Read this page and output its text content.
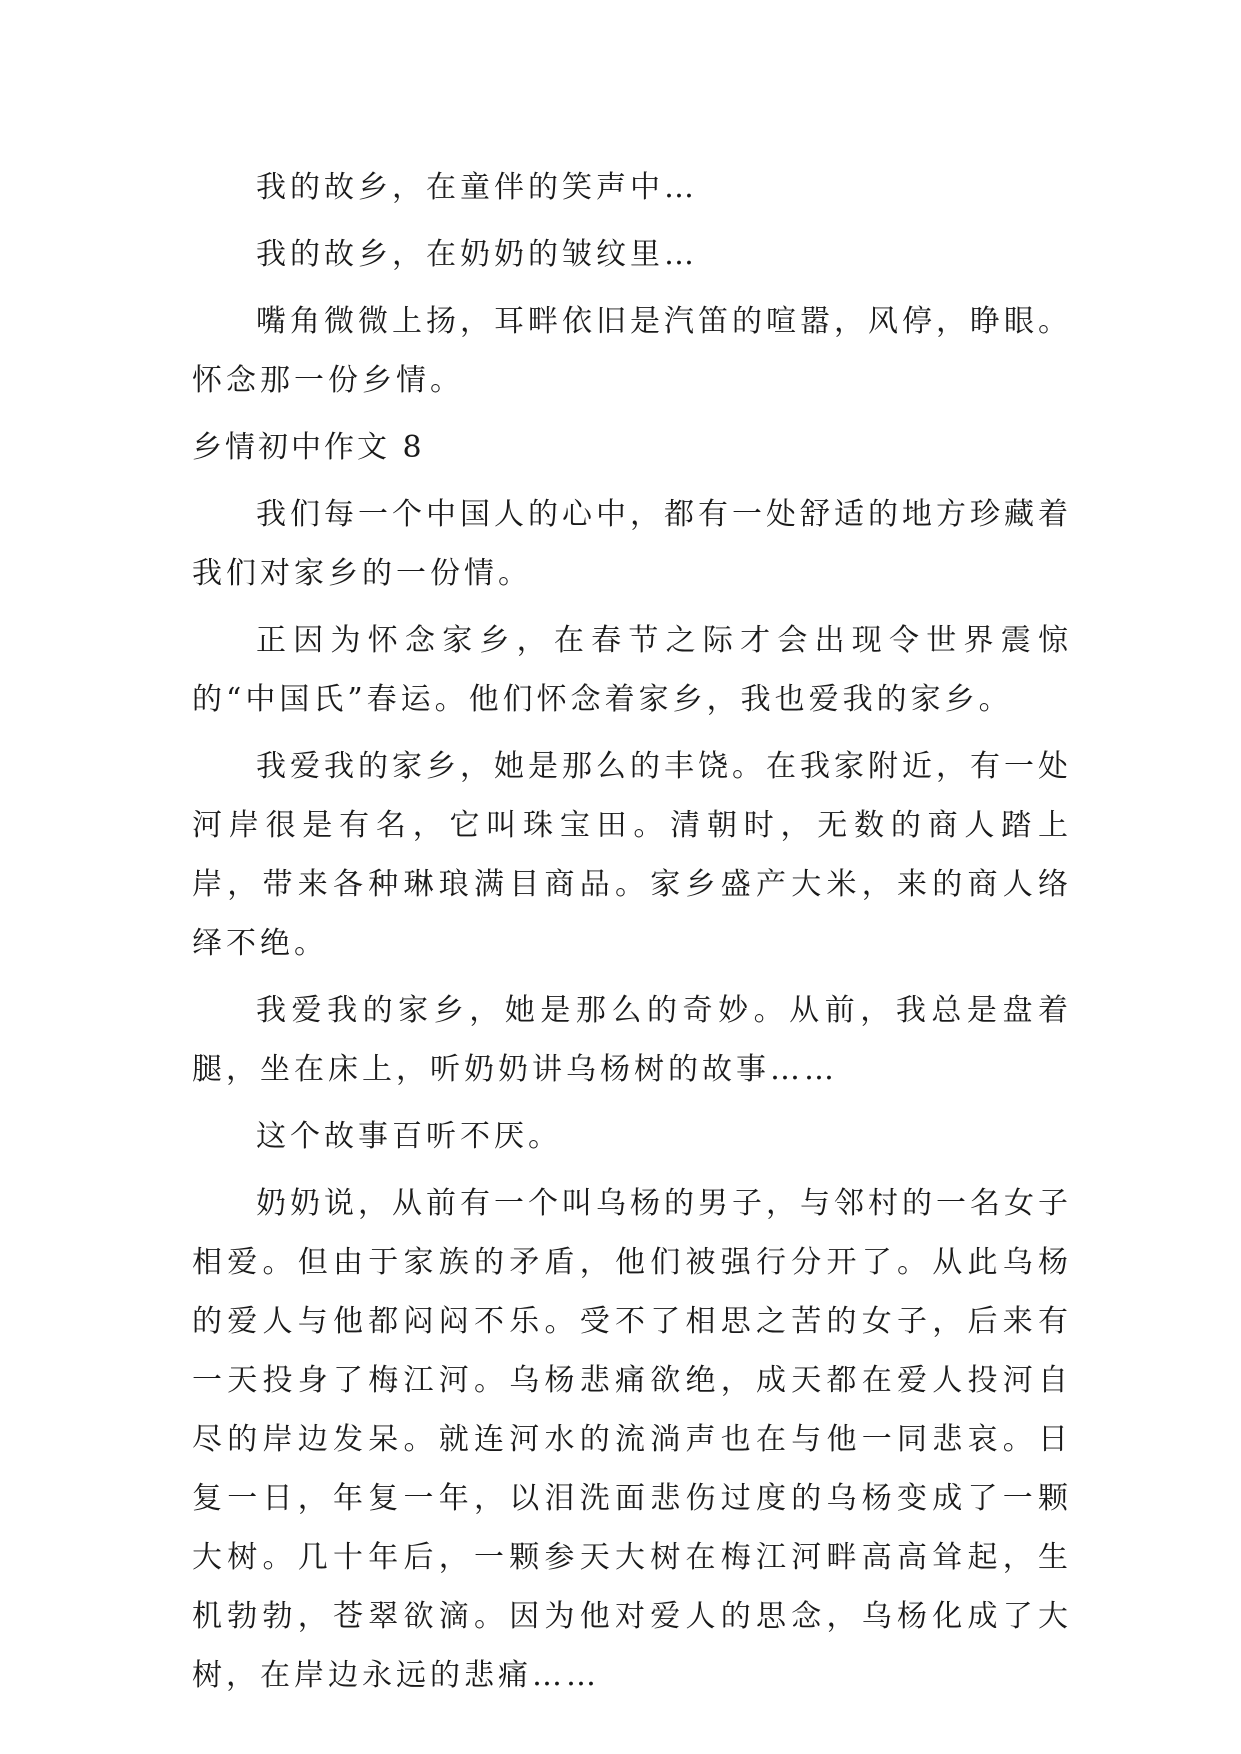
我的故乡，在童伴的笑声中…

我的故乡，在奶奶的皱纹里…

嘴角微微上扬，耳畔依旧是汽笛的喧嚣，风停，睁眼。怀念那一份乡情。

乡情初中作文 8

我们每一个中国人的心中，都有一处舒适的地方珍藏着我们对家乡的一份情。

正因为怀念家乡，在春节之际才会出现令世界震惊的“中国氏”春运。他们怀念着家乡，我也爱我的家乡。

我爱我的家乡，她是那么的丰饶。在我家附近，有一处河岸很是有名，它叫珠宝田。清朝时，无数的商人踏上岸，带来各种琳琅满目商品。家乡盛产大米，来的商人络绎不绝。

我爱我的家乡，她是那么的奇妙。从前，我总是盘着腿，坐在床上，听奶奶讲乌杨树的故事……

这个故事百听不厌。

奶奶说，从前有一个叫乌杨的男子，与邻村的一名女子相爱。但由于家族的矛盾，他们被强行分开了。从此乌杨的爱人与他都闷闷不乐。受不了相思之苦的女子，后来有一天投身了梅江河。乌杨悲痛欲绝，成天都在爱人投河自尽的岸边发呆。就连河水的流淌声也在与他一同悲哀。日复一日，年复一年，以泪洗面悲伤过度的乌杨变成了一颗大树。几十年后，一颗参天大树在梅江河畔高高耸起，生机勃勃，苍翠欲滴。因为他对爱人的思念，乌杨化成了大树，在岸边永远的悲痛……
